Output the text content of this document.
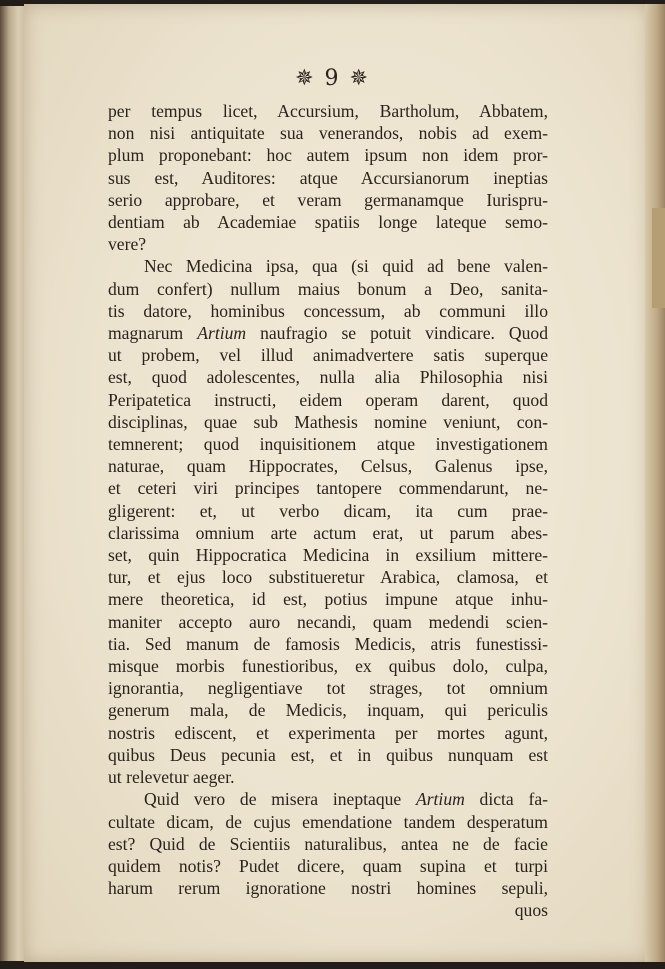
✵ 9 ✵
per tempus licet, Accursium, Bartholum, Abbatem,
non nisi antiquitate sua venerandos, nobis ad exem-
plum proponebant: hoc autem ipsum non idem pror-
sus est, Auditores: atque Accursianorum ineptias
serio approbare, et veram germanamque Iurispru-
dentiam ab Academiae spatiis longe lateque semo-
vere?
Nec Medicina ipsa, qua (si quid ad bene valen-
dum confert) nullum maius bonum a Deo, sanita-
tis datore, hominibus concessum, ab communi illo
magnarum Artium naufragio se potuit vindicare. Quod
ut probem, vel illud animadvertere satis superque
est, quod adolescentes, nulla alia Philosophia nisi
Peripatetica instructi, eidem operam darent, quod
disciplinas, quae sub Mathesis nomine veniunt, con-
temnerent; quod inquisitionem atque investigationem
naturae, quam Hippocrates, Celsus, Galenus ipse,
et ceteri viri principes tantopere commendarunt, ne-
gligerent: et, ut verbo dicam, ita cum prae-
clarissima omnium arte actum erat, ut parum abes-
set, quin Hippocratica Medicina in exsilium mittere-
tur, et ejus loco substitueretur Arabica, clamosa, et
mere theoretica, id est, potius impune atque inhu-
maniter accepto auro necandi, quam medendi scien-
tia. Sed manum de famosis Medicis, atris funestissi-
misque morbis funestioribus, ex quibus dolo, culpa,
ignorantia, negligentiave tot strages, tot omnium
generum mala, de Medicis, inquam, qui periculis
nostris ediscent, et experimenta per mortes agunt,
quibus Deus pecunia est, et in quibus nunquam est
ut relevetur aeger.
Quid vero de misera ineptaque Artium dicta fa-
cultate dicam, de cujus emendatione tandem desperatum
est? Quid de Scientiis naturalibus, antea ne de facie
quidem notis? Pudet dicere, quam supina et turpi
harum rerum ignoratione nostri homines sepuli,
quos
